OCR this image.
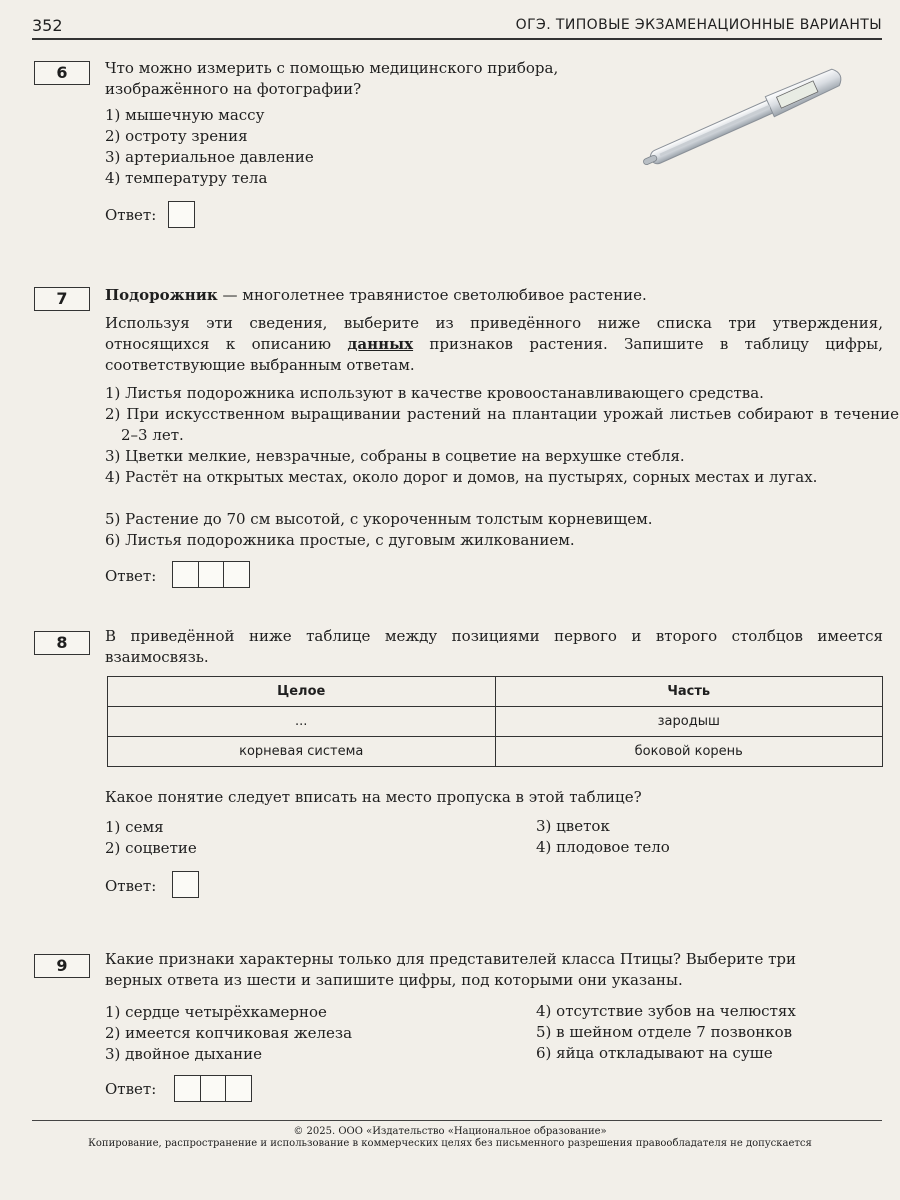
352	ОГЭ. ТИПОВЫЕ ЭКЗАМЕНАЦИОННЫЕ ВАРИАНТЫ
6	Что можно измерить с помощью медицинского прибора,
изображённого на фотографии?
1) мышечную массу
2) остроту зрения
3) артериальное давление
4) температуру тела
Ответ:
7	Подорожник — многолетнее травянистое светолюбивое растение.
Используя эти сведения, выберите из приведённого ниже списка три утверждения, относящихся к описанию данных признаков растения. Запишите в таблицу цифры, соответствующие выбранным ответам.
1) Листья подорожника используют в качестве кровоостанавливающего средства.
2) При искусственном выращивании растений на плантации урожай листьев собирают в течение 2–3 лет.
3) Цветки мелкие, невзрачные, собраны в соцветие на верхушке стебля.
4) Растёт на открытых местах, около дорог и домов, на пустырях, сорных местах и лугах.
5) Растение до 70 см высотой, с укороченным толстым корневищем.
6) Листья подорожника простые, с дуговым жилкованием.
Ответ:
8	В приведённой ниже таблице между позициями первого и второго столбцов имеется взаимосвязь.
Целое	Часть
...	зародыш
корневая система	боковой корень
Какое понятие следует вписать на место пропуска в этой таблице?
1) семя
2) соцветие
3) цветок
4) плодовое тело
Ответ:
9	Какие признаки характерны только для представителей класса Птицы? Выберите три
верных ответа из шести и запишите цифры, под которыми они указаны.
1) сердце четырёхкамерное
2) имеется копчиковая железа
3) двойное дыхание
4) отсутствие зубов на челюстях
5) в шейном отделе 7 позвонков
6) яйца откладывают на суше
Ответ:
© 2025. ООО «Издательство «Национальное образование»
Копирование, распространение и использование в коммерческих целях без письменного разрешения правообладателя не допускается
